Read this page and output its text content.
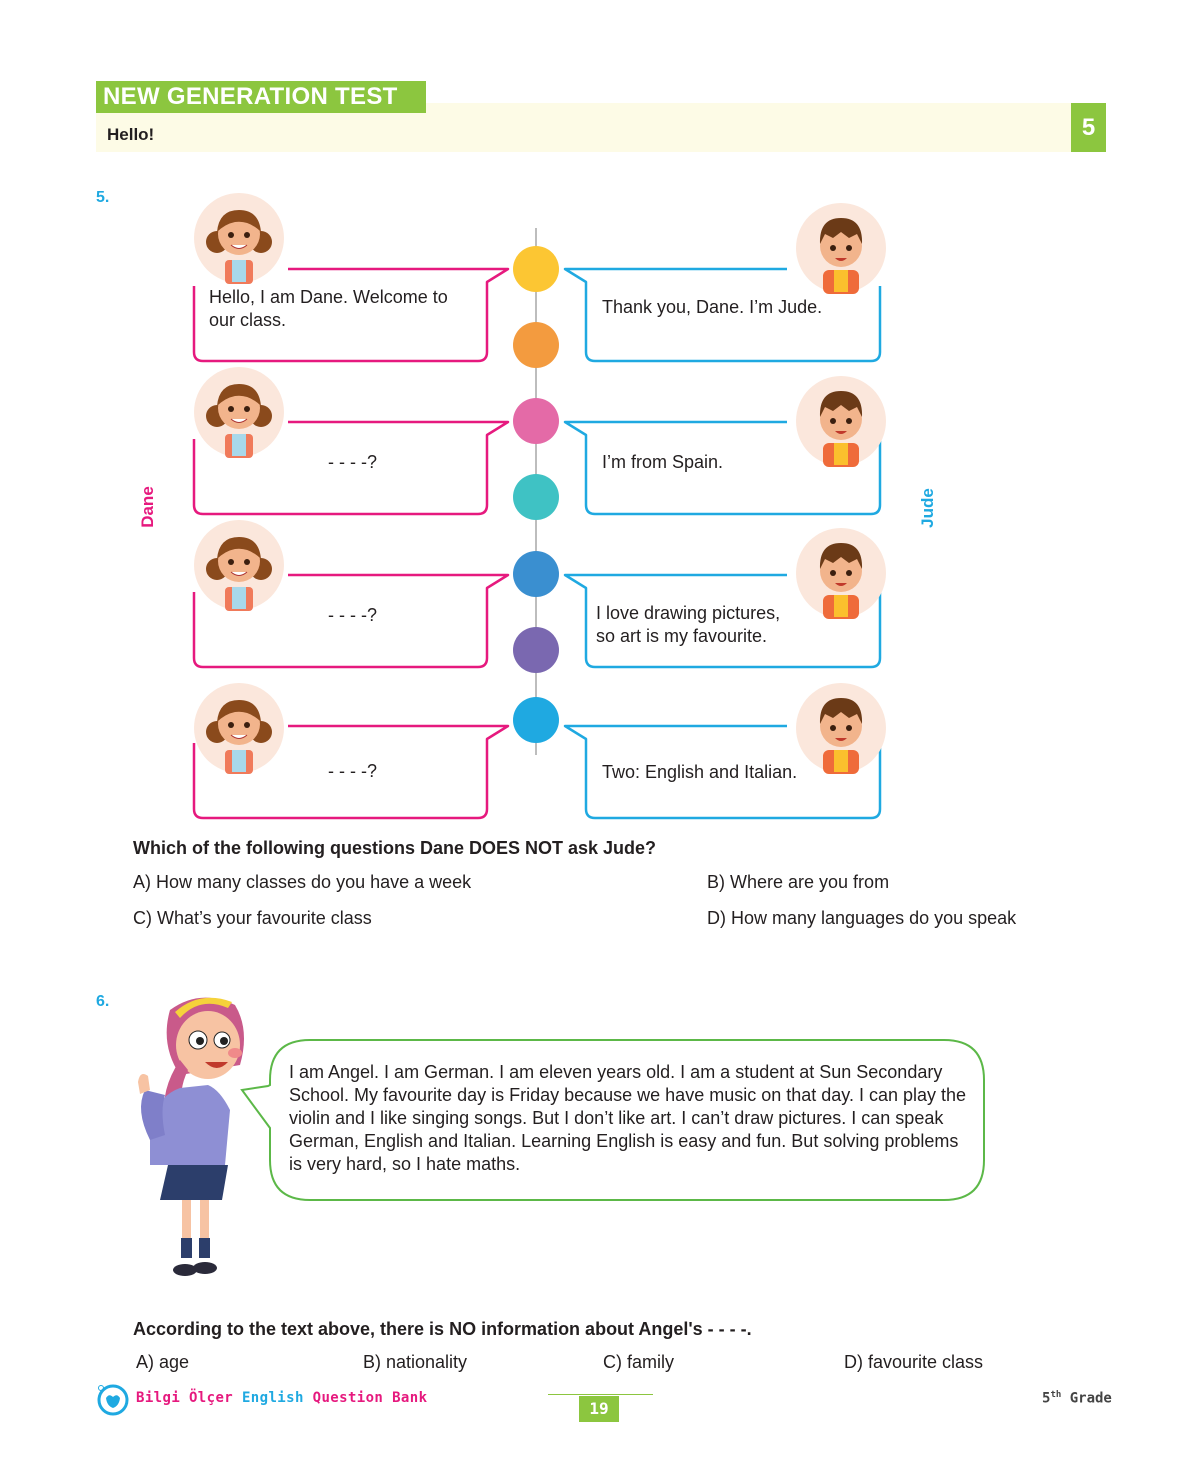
NEW GENERATION TEST
Hello!	5
5.
Dane	Jude
Hello, I am Dane. Welcome to our class.
- - - -?
- - - -?
- - - -?
Thank you, Dane. I’m Jude.
I’m from Spain.
I love drawing pictures, so art is my favourite.
Two: English and Italian.
Which of the following questions Dane DOES NOT ask Jude?
A) How many classes do you have a week	B) Where are you from
C) What’s your favourite class	D) How many languages do you speak
6.
I am Angel. I am German. I am eleven years old. I am a student at Sun Secondary School. My favourite day is Friday because we have music on that day. I can play the violin and I like singing songs. But I don’t like art. I can’t draw pictures. I can speak German, English and Italian. Learning English is easy and fun. But solving problems is very hard, so I hate maths.
According to the text above, there is NO information about Angel's - - - -.
A) age	B) nationality	C) family	D) favourite class
Bilgi Ölçer English Question Bank
19
5th Grade
